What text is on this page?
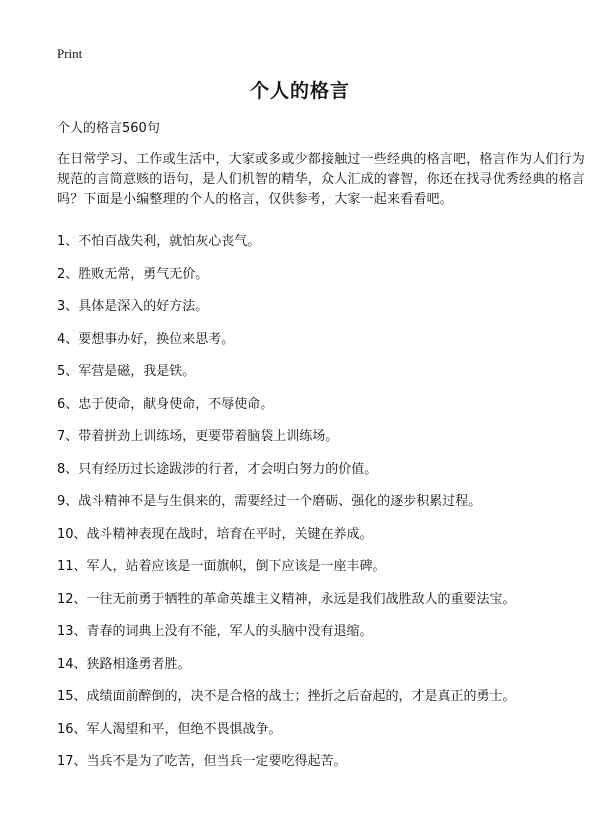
Print
个人的格言
个人的格言560句
在日常学习、工作或生活中，大家或多或少都接触过一些经典的格言吧，格言作为人们行为规范的言简意赅的语句，是人们机智的精华，众人汇成的睿智，你还在找寻优秀经典的格言吗？下面是小编整理的个人的格言，仅供参考，大家一起来看看吧。
1、不怕百战失利，就怕灰心丧气。
2、胜败无常，勇气无价。
3、具体是深入的好方法。
4、要想事办好，换位来思考。
5、军营是磁，我是铁。
6、忠于使命，献身使命，不辱使命。
7、带着拼劲上训练场，更要带着脑袋上训练场。
8、只有经历过长途跋涉的行者，才会明白努力的价值。
9、战斗精神不是与生俱来的，需要经过一个磨砺、强化的逐步积累过程。
10、战斗精神表现在战时，培育在平时，关键在养成。
11、军人，站着应该是一面旗帜，倒下应该是一座丰碑。
12、一往无前勇于牺牲的革命英雄主义精神，永远是我们战胜敌人的重要法宝。
13、青春的词典上没有不能，军人的头脑中没有退缩。
14、狭路相逢勇者胜。
15、成绩面前醉倒的，决不是合格的战士；挫折之后奋起的，才是真正的勇士。
16、军人渴望和平，但绝不畏惧战争。
17、当兵不是为了吃苦，但当兵一定要吃得起苦。
